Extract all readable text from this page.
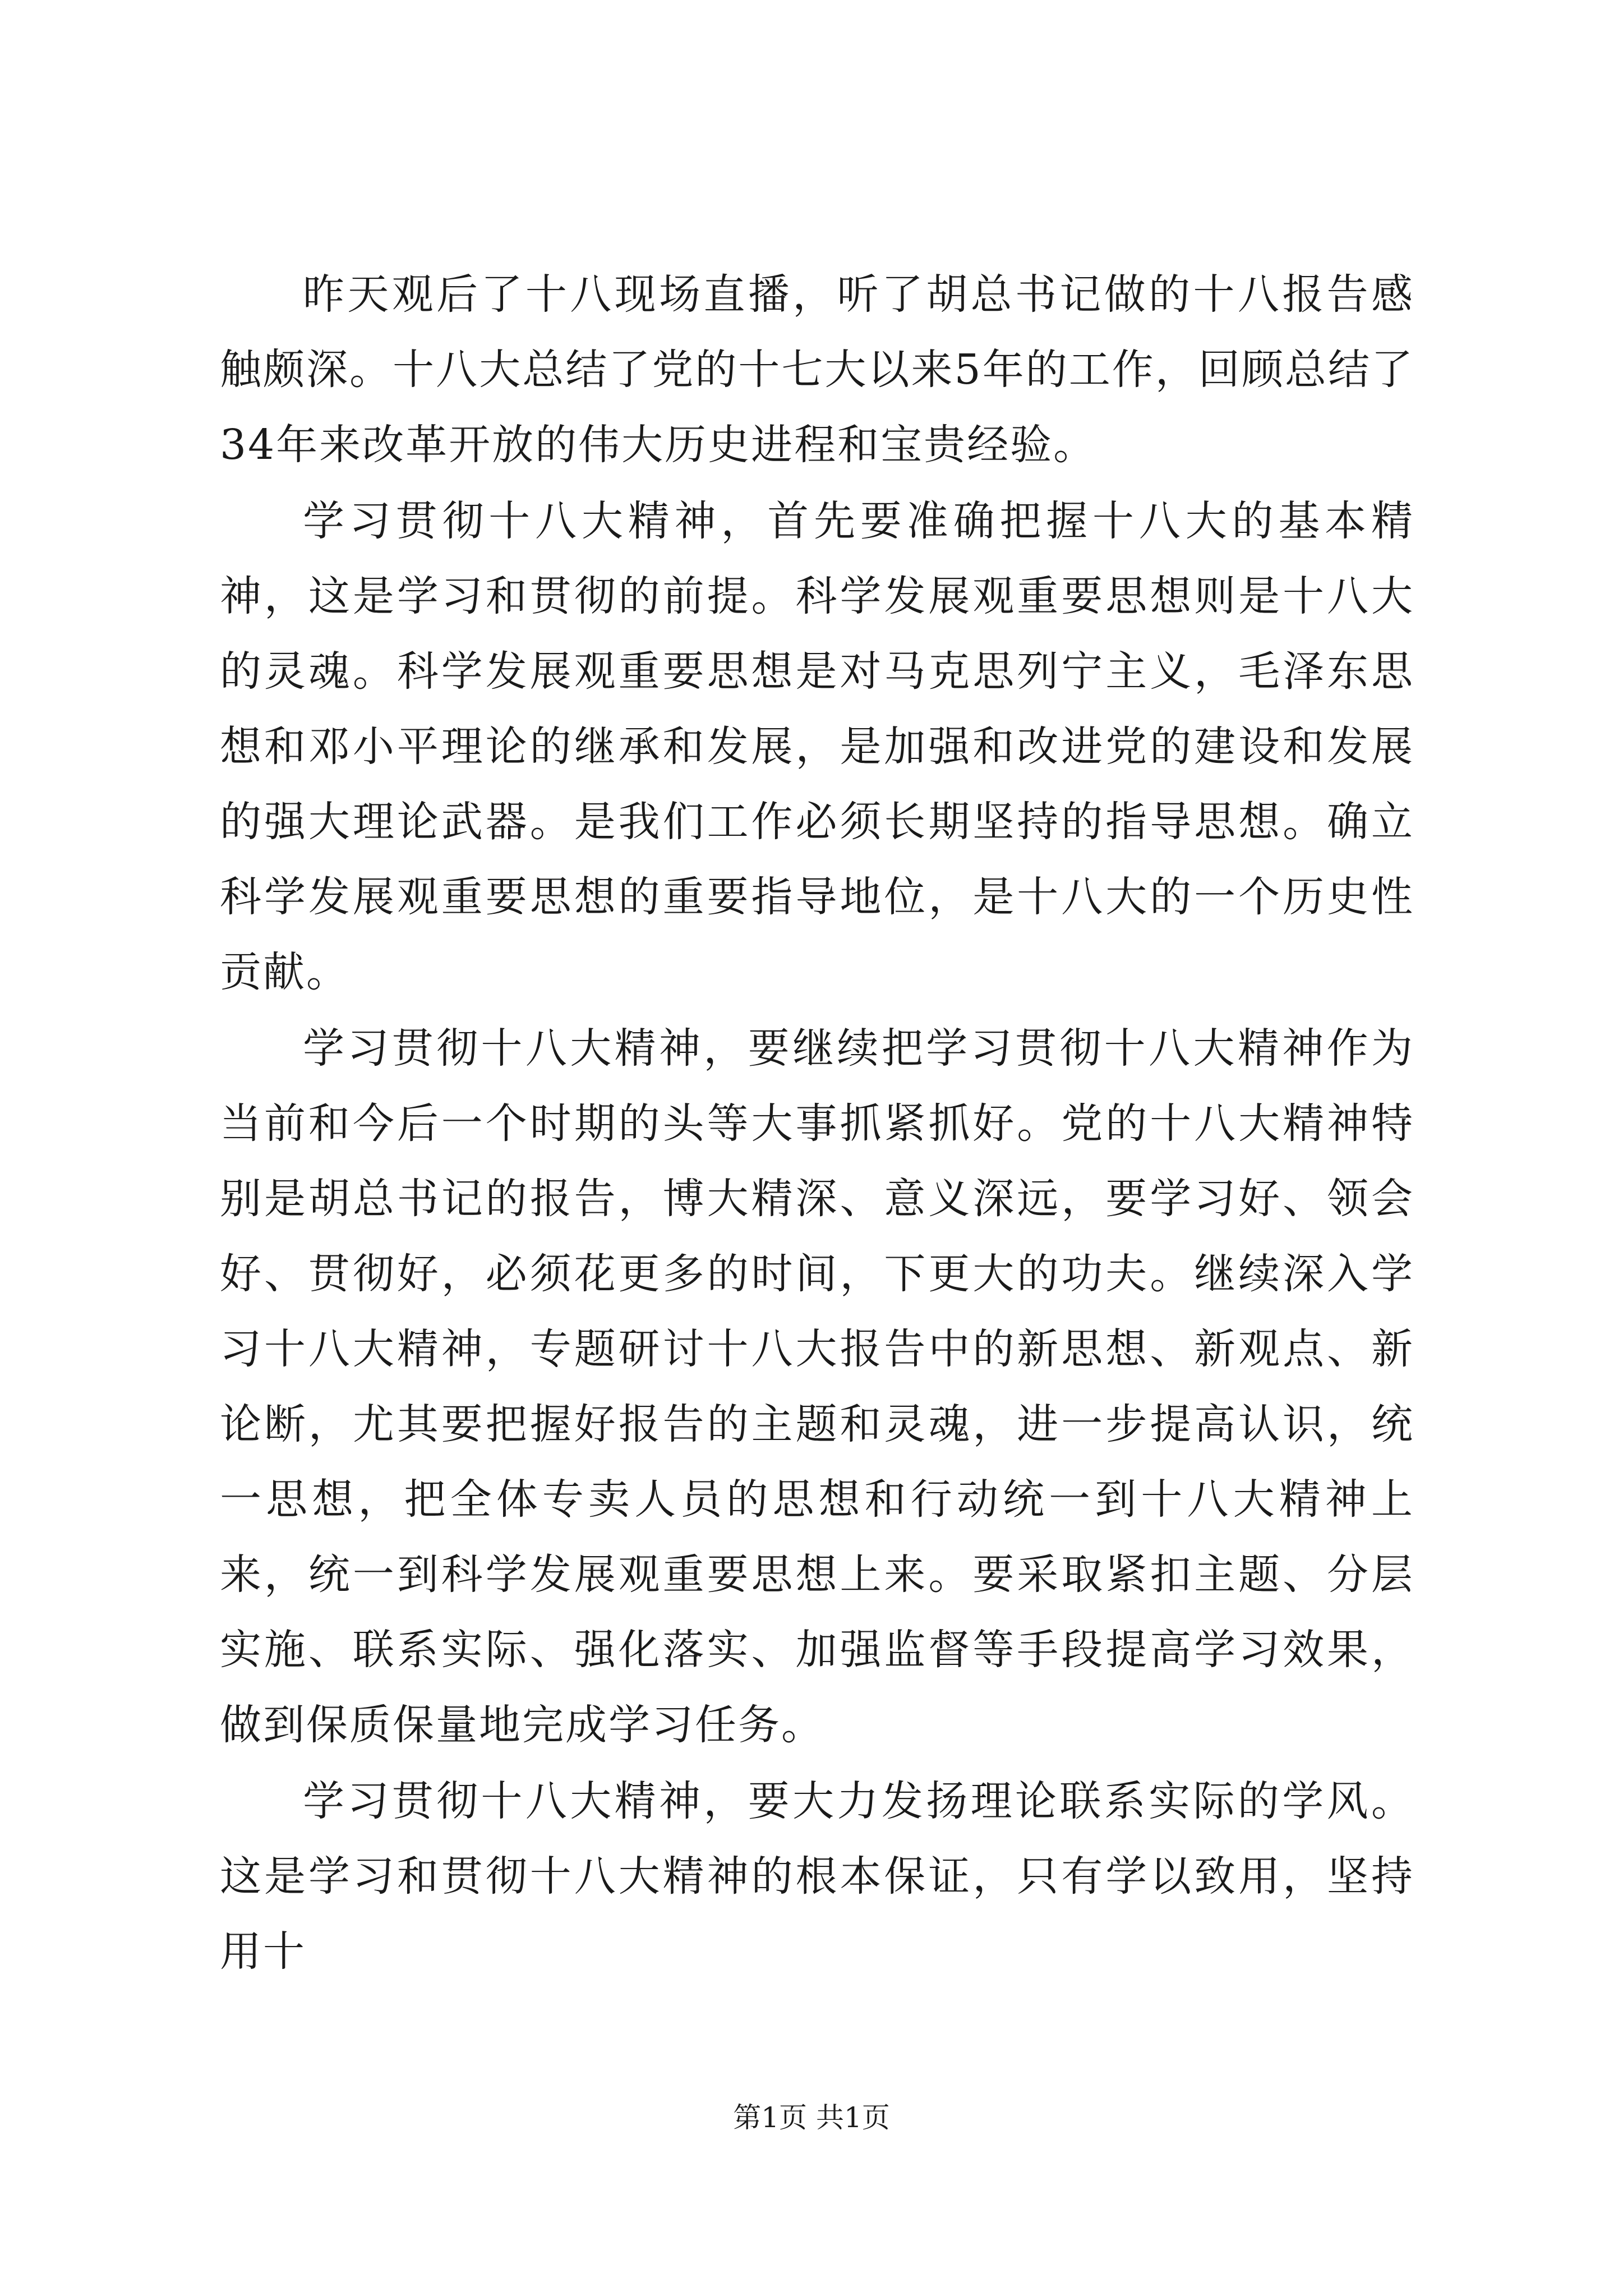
昨天观后了十八现场直播，听了胡总书记做的十八报告感触颇深。十八大总结了党的十七大以来5年的工作，回顾总结了34年来改革开放的伟大历史进程和宝贵经验。

学习贯彻十八大精神，首先要准确把握十八大的基本精神，这是学习和贯彻的前提。科学发展观重要思想则是十八大的灵魂。科学发展观重要思想是对马克思列宁主义，毛泽东思想和邓小平理论的继承和发展，是加强和改进党的建设和发展的强大理论武器。是我们工作必须长期坚持的指导思想。确立科学发展观重要思想的重要指导地位，是十八大的一个历史性贡献。

学习贯彻十八大精神，要继续把学习贯彻十八大精神作为当前和今后一个时期的头等大事抓紧抓好。党的十八大精神特别是胡总书记的报告，博大精深、意义深远，要学习好、领会好、贯彻好，必须花更多的时间，下更大的功夫。继续深入学习十八大精神，专题研讨十八大报告中的新思想、新观点、新论断，尤其要把握好报告的主题和灵魂，进一步提高认识，统一思想，把全体专卖人员的思想和行动统一到十八大精神上来，统一到科学发展观重要思想上来。要采取紧扣主题、分层实施、联系实际、强化落实、加强监督等手段提高学习效果，做到保质保量地完成学习任务。

学习贯彻十八大精神，要大力发扬理论联系实际的学风。这是学习和贯彻十八大精神的根本保证，只有学以致用，坚持用十

第1页 共1页
